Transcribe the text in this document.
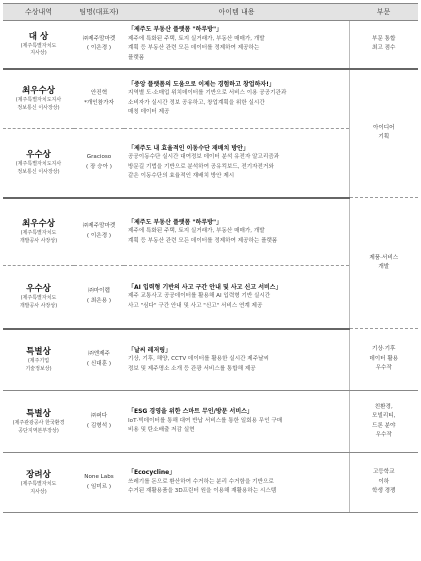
수상내역	팀명(대표자)	아이템 내용	부문

대 상
(제주특별자치도
지사상)	㈜제주맘마켓
( 이은경 )	「제주도 부동산 플랫폼 "하루방"」
제주에 특화된 주택, 토지 실거래가, 부동산 매매가, 개발
계획 등 부동산 관련 모든 데이터를 정제하여 제공하는
플랫폼	부문 통합
최고 점수

최우수상
(제주특별자치도지사
정보통신 이사장상)	안진혁
*개인참가자	「중앙 플랫폼의 도움으로 이제는 경험하고 창업하자!」
지역별 도·소매업 위치데이터를 기반으로 서비스 이용 공공기관과
소비자가 실시간 정보 공유하고, 창업계획을 위한 실시간
매칭 데이터 제공	아이디어
기획

우수상
(제주특별자치도지사
정보통신 이사장상)	Gracioso
( 장 승아 )	「제주도 내 효율적인 이동수단 재배치 방안」
공공이동수단 실시간 대여정보 데이터 분석 유전자 알고리즘과
방문길 기법을 기반으로 분석하여 공유킥보드, 전기자전거와
같은 이동수단의 효율적인 재배치 방안 제시	

최우수상
(제주특별자치도
개발공사 사장상)	㈜제주맘마켓
( 이은경 )	「제주도 부동산 플랫폼 "하루방"」
제주에 특화된 주택, 토지 실거래가, 부동산 매매가, 개발
계획 등 부동산 관련 모든 데이터를 정제하여 제공하는 플랫폼	제품·서비스
개발

우수상
(제주특별자치도
개발공사 사장상)	㈜마이랩
( 최은용 )	「AI 입력형 기반의 사고 구간 안내 및 사고 신고 서비스」
제주 교통사고 공공데이터를 활용해 AI 입력형 기반 실시간
사고 "심다" 구간 안내 및 사고 "신고" 서비스 연계 제공	

특별상
(제주기업
기술정보상)	㈜엔제주
( 신대훈 )	「날씨 레저링」
기상, 기후, 해양, CCTV 데이터를 활용한 실시간 제주날씨
정보 및 제주명소 소개 등 관광 서비스를 통합해 제공	기상·기후
데이터 활용
우수작

특별상
(제주관광공사 한국환경
공단지역본부장상)	㈜퍼다
( 김형석 )	「ESG 경영을 위한 스마트 무인/방문 서비스」
IoT·빅데이터를 통해 대여 반납 서비스를 통한 일회용 무인 구매
비용 및 탄소배출 저감 실현	친환경,
모빌리티,
드론 분야
우수작

장려상
(제주특별자치도
지사상)	None Labs
( 임미르 )	「Ecocycline」
쓰레기를 돈으로 환산하여 수거하는 분리 수거함을 기반으로
수거된 재활용품을 3D프린터 원을 이용해 재활용하는 시스템	고등학교
이하
학생 경쟁
